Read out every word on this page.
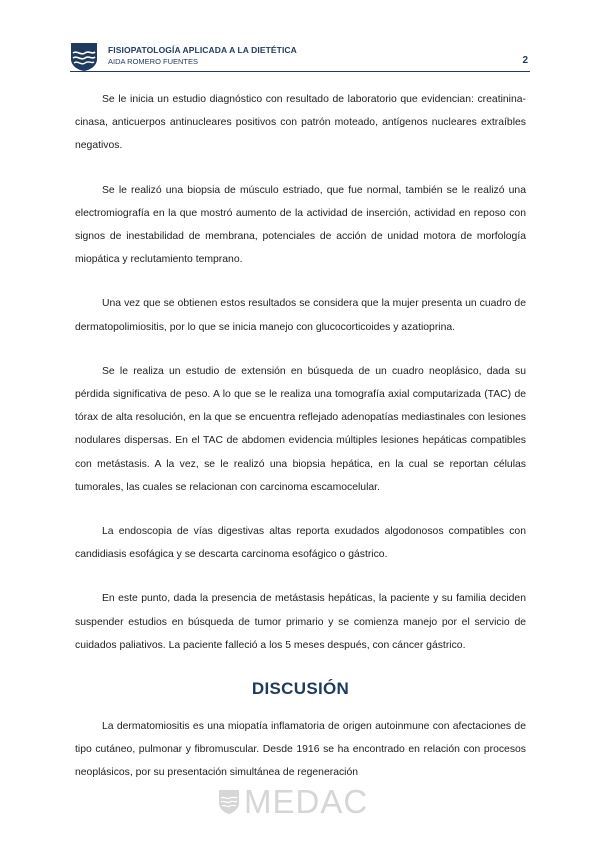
FISIOPATOLOGÍA APLICADA A LA DIETÉTICA
AIDA ROMERO FUENTES	2

Se le inicia un estudio diagnóstico con resultado de laboratorio que evidencian: creatinina-cinasa, anticuerpos antinucleares positivos con patrón moteado, antígenos nucleares extraíbles negativos.

Se le realizó una biopsia de músculo estriado, que fue normal, también se le realizó una electromiografía en la que mostró aumento de la actividad de inserción, actividad en reposo con signos de inestabilidad de membrana, potenciales de acción de unidad motora de morfología miopática y reclutamiento temprano.

Una vez que se obtienen estos resultados se considera que la mujer presenta un cuadro de dermatopolimiositis, por lo que se inicia manejo con glucocorticoides y azatioprina.

Se le realiza un estudio de extensión en búsqueda de un cuadro neoplásico, dada su pérdida significativa de peso. A lo que se le realiza una tomografía axial computarizada (TAC) de tórax de alta resolución, en la que se encuentra reflejado adenopatías mediastinales con lesiones nodulares dispersas. En el TAC de abdomen evidencia múltiples lesiones hepáticas compatibles con metástasis. A la vez, se le realizó una biopsia hepática, en la cual se reportan células tumorales, las cuales se relacionan con carcinoma escamocelular.

La endoscopia de vías digestivas altas reporta exudados algodonosos compatibles con candidiasis esofágica y se descarta carcinoma esofágico o gástrico.

En este punto, dada la presencia de metástasis hepáticas, la paciente y su familia deciden suspender estudios en búsqueda de tumor primario y se comienza manejo por el servicio de cuidados paliativos. La paciente falleció a los 5 meses después, con cáncer gástrico.

DISCUSIÓN

La dermatomiositis es una miopatía inflamatoria de origen autoinmune con afectaciones de tipo cutáneo, pulmonar y fibromuscular. Desde 1916 se ha encontrado en relación con procesos neoplásicos, por su presentación simultánea de regeneración

MEDAC
